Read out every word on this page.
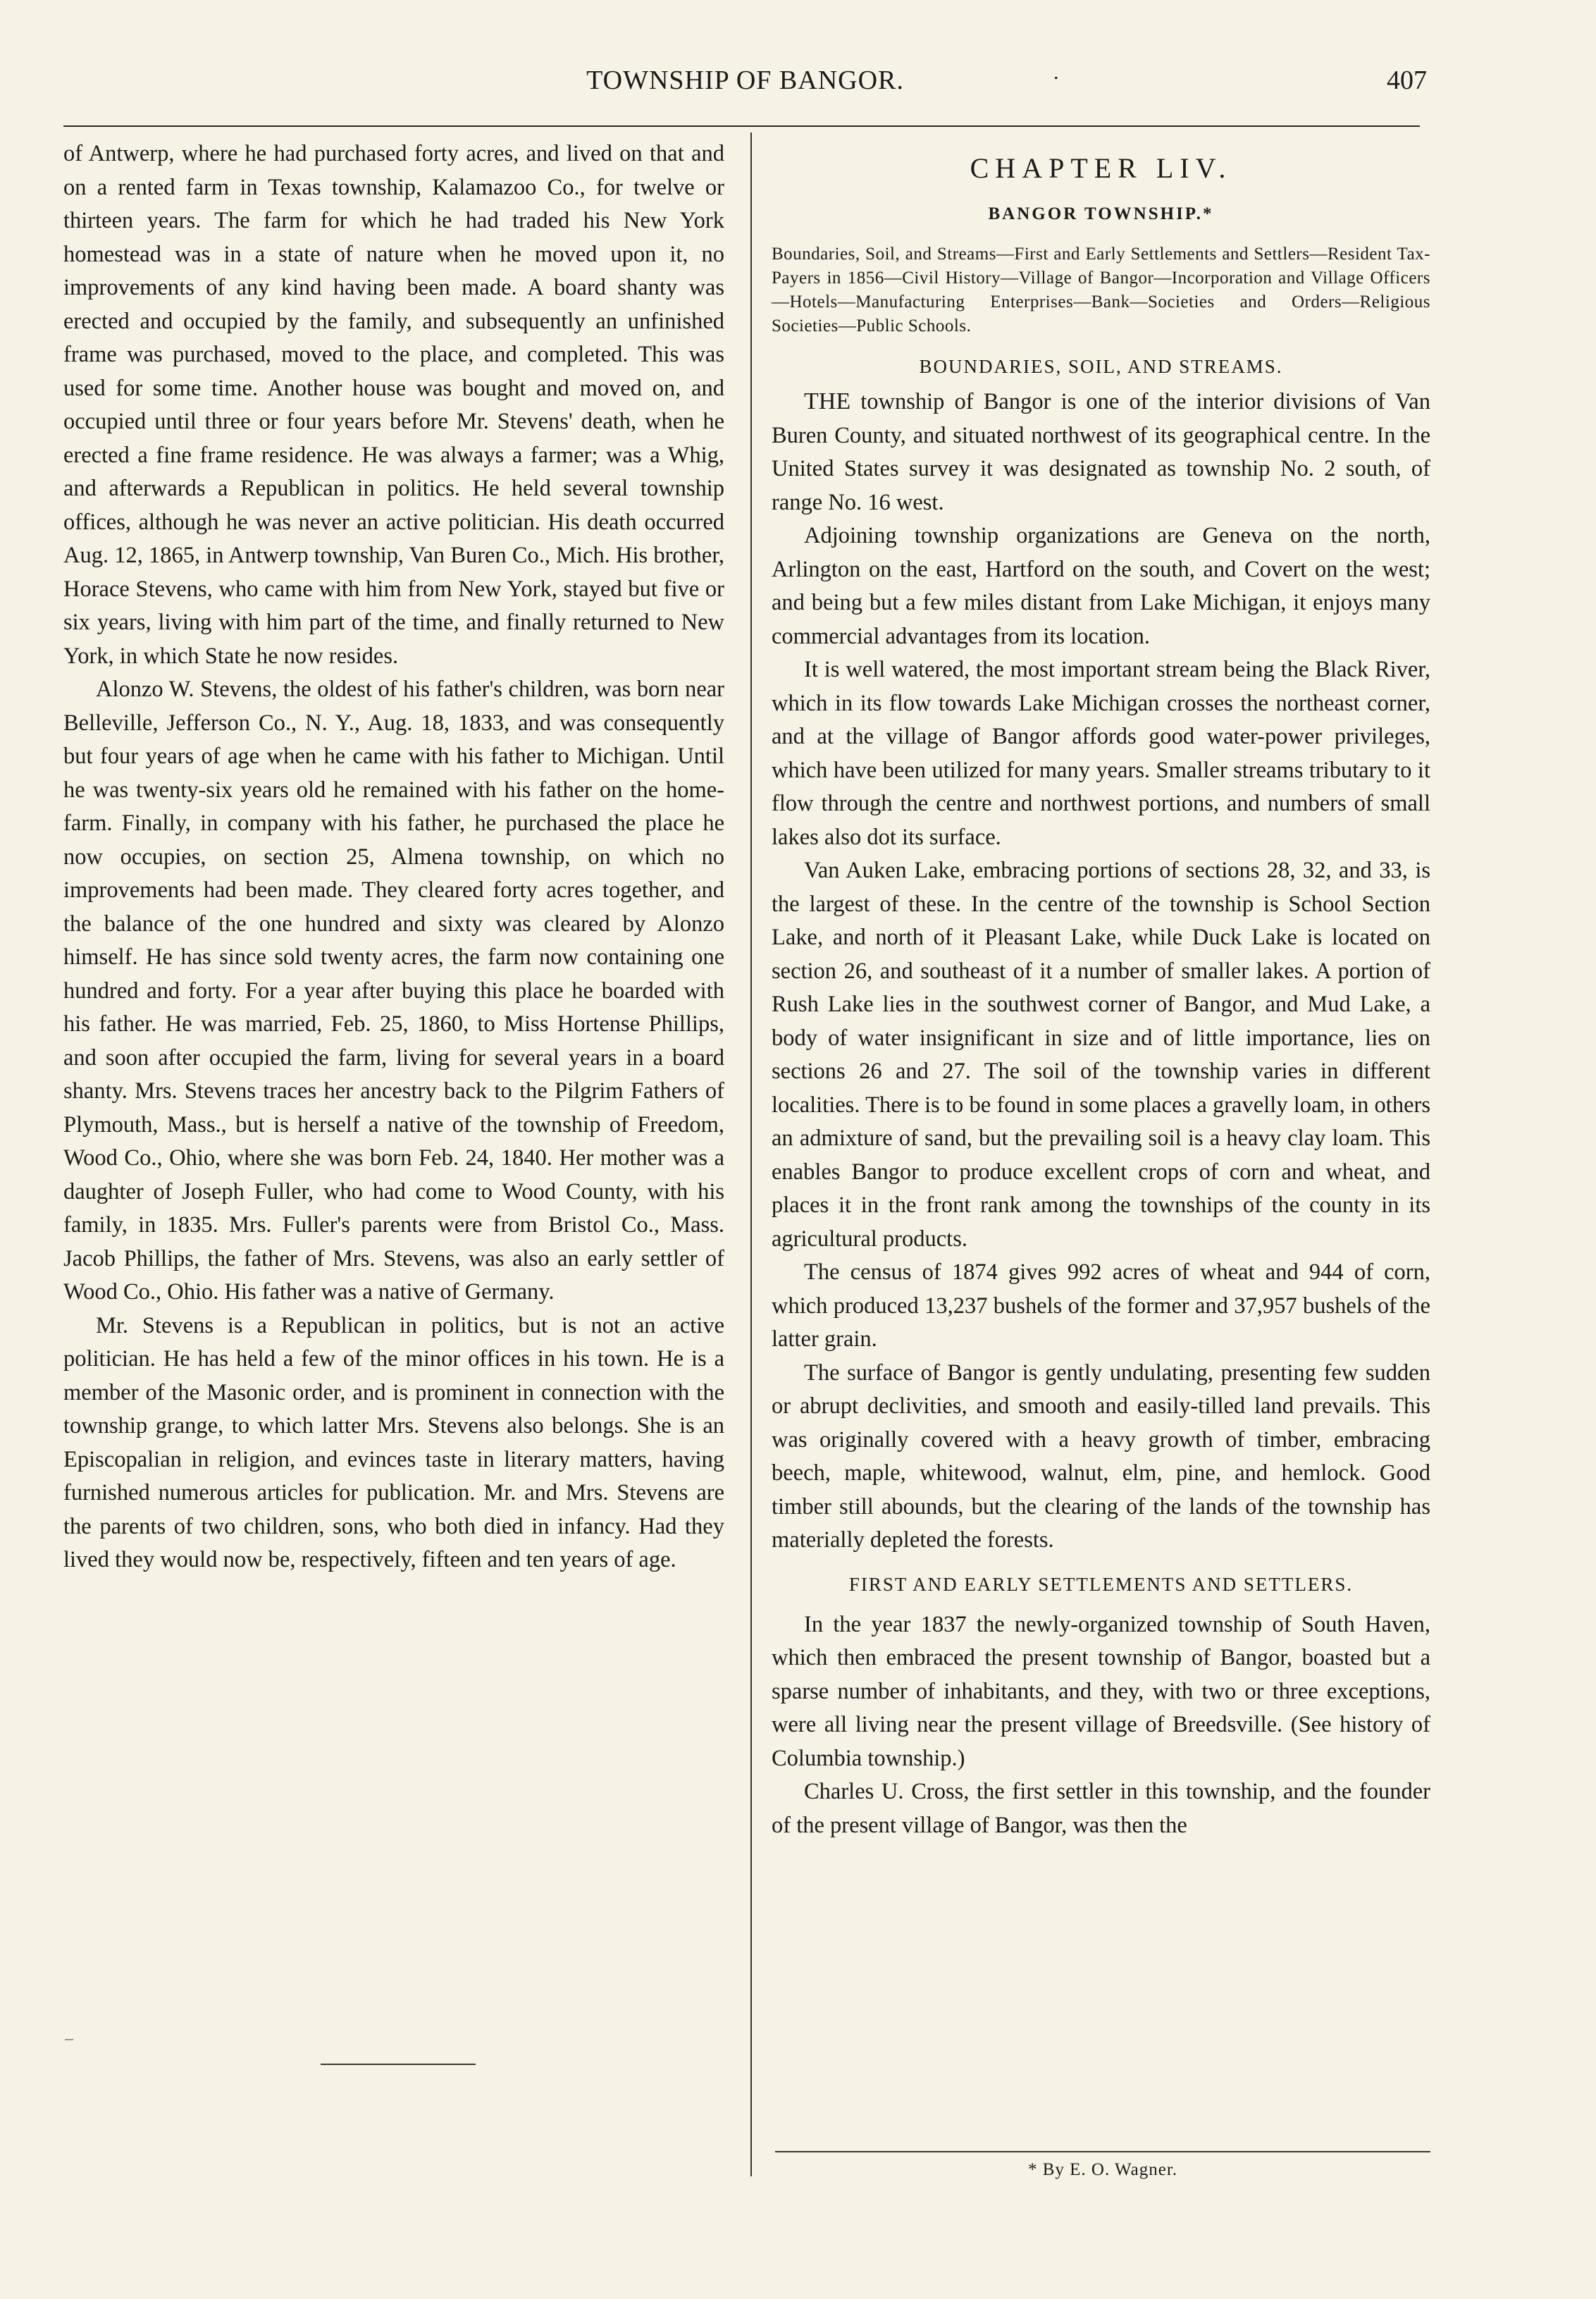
TOWNSHIP OF BANGOR.	.	407

of Antwerp, where he had purchased forty acres, and lived on that and on a rented farm in Texas township, Kalamazoo Co., for twelve or thirteen years. The farm for which he had traded his New York homestead was in a state of nature when he moved upon it, no improvements of any kind having been made. A board shanty was erected and occupied by the family, and subsequently an unfinished frame was purchased, moved to the place, and completed. This was used for some time. Another house was bought and moved on, and occupied until three or four years before Mr. Stevens' death, when he erected a fine frame residence. He was always a farmer; was a Whig, and afterwards a Republican in politics. He held several township offices, although he was never an active politician. His death occurred Aug. 12, 1865, in Antwerp township, Van Buren Co., Mich. His brother, Horace Stevens, who came with him from New York, stayed but five or six years, living with him part of the time, and finally returned to New York, in which State he now resides.

Alonzo W. Stevens, the oldest of his father's children, was born near Belleville, Jefferson Co., N. Y., Aug. 18, 1833, and was consequently but four years of age when he came with his father to Michigan. Until he was twenty-six years old he remained with his father on the home-farm. Finally, in company with his father, he purchased the place he now occupies, on section 25, Almena township, on which no improvements had been made. They cleared forty acres together, and the balance of the one hundred and sixty was cleared by Alonzo himself. He has since sold twenty acres, the farm now containing one hundred and forty. For a year after buying this place he boarded with his father. He was married, Feb. 25, 1860, to Miss Hortense Phillips, and soon after occupied the farm, living for several years in a board shanty. Mrs. Stevens traces her ancestry back to the Pilgrim Fathers of Plymouth, Mass., but is herself a native of the township of Freedom, Wood Co., Ohio, where she was born Feb. 24, 1840. Her mother was a daughter of Joseph Fuller, who had come to Wood County, with his family, in 1835. Mrs. Fuller's parents were from Bristol Co., Mass. Jacob Phillips, the father of Mrs. Stevens, was also an early settler of Wood Co., Ohio. His father was a native of Germany.

Mr. Stevens is a Republican in politics, but is not an active politician. He has held a few of the minor offices in his town. He is a member of the Masonic order, and is prominent in connection with the township grange, to which latter Mrs. Stevens also belongs. She is an Episcopalian in religion, and evinces taste in literary matters, having furnished numerous articles for publication. Mr. and Mrs. Stevens are the parents of two children, sons, who both died in infancy. Had they lived they would now be, respectively, fifteen and ten years of age.

CHAPTER LIV.
BANGOR TOWNSHIP.*
Boundaries, Soil, and Streams—First and Early Settlements and Settlers—Resident Tax-Payers in 1856—Civil History—Village of Bangor—Incorporation and Village Officers—Hotels—Manufacturing Enterprises—Bank—Societies and Orders—Religious Societies—Public Schools.
BOUNDARIES, SOIL, AND STREAMS.

THE township of Bangor is one of the interior divisions of Van Buren County, and situated northwest of its geographical centre. In the United States survey it was designated as township No. 2 south, of range No. 16 west.

Adjoining township organizations are Geneva on the north, Arlington on the east, Hartford on the south, and Covert on the west; and being but a few miles distant from Lake Michigan, it enjoys many commercial advantages from its location.

It is well watered, the most important stream being the Black River, which in its flow towards Lake Michigan crosses the northeast corner, and at the village of Bangor affords good water-power privileges, which have been utilized for many years. Smaller streams tributary to it flow through the centre and northwest portions, and numbers of small lakes also dot its surface.

Van Auken Lake, embracing portions of sections 28, 32, and 33, is the largest of these. In the centre of the township is School Section Lake, and north of it Pleasant Lake, while Duck Lake is located on section 26, and southeast of it a number of smaller lakes. A portion of Rush Lake lies in the southwest corner of Bangor, and Mud Lake, a body of water insignificant in size and of little importance, lies on sections 26 and 27. The soil of the township varies in different localities. There is to be found in some places a gravelly loam, in others an admixture of sand, but the prevailing soil is a heavy clay loam. This enables Bangor to produce excellent crops of corn and wheat, and places it in the front rank among the townships of the county in its agricultural products.

The census of 1874 gives 992 acres of wheat and 944 of corn, which produced 13,237 bushels of the former and 37,957 bushels of the latter grain.

The surface of Bangor is gently undulating, presenting few sudden or abrupt declivities, and smooth and easily-tilled land prevails. This was originally covered with a heavy growth of timber, embracing beech, maple, whitewood, walnut, elm, pine, and hemlock. Good timber still abounds, but the clearing of the lands of the township has materially depleted the forests.

FIRST AND EARLY SETTLEMENTS AND SETTLERS.

In the year 1837 the newly-organized township of South Haven, which then embraced the present township of Bangor, boasted but a sparse number of inhabitants, and they, with two or three exceptions, were all living near the present village of Breedsville. (See history of Columbia township.)

Charles U. Cross, the first settler in this township, and the founder of the present village of Bangor, was then the

* By E. O. Wagner.
